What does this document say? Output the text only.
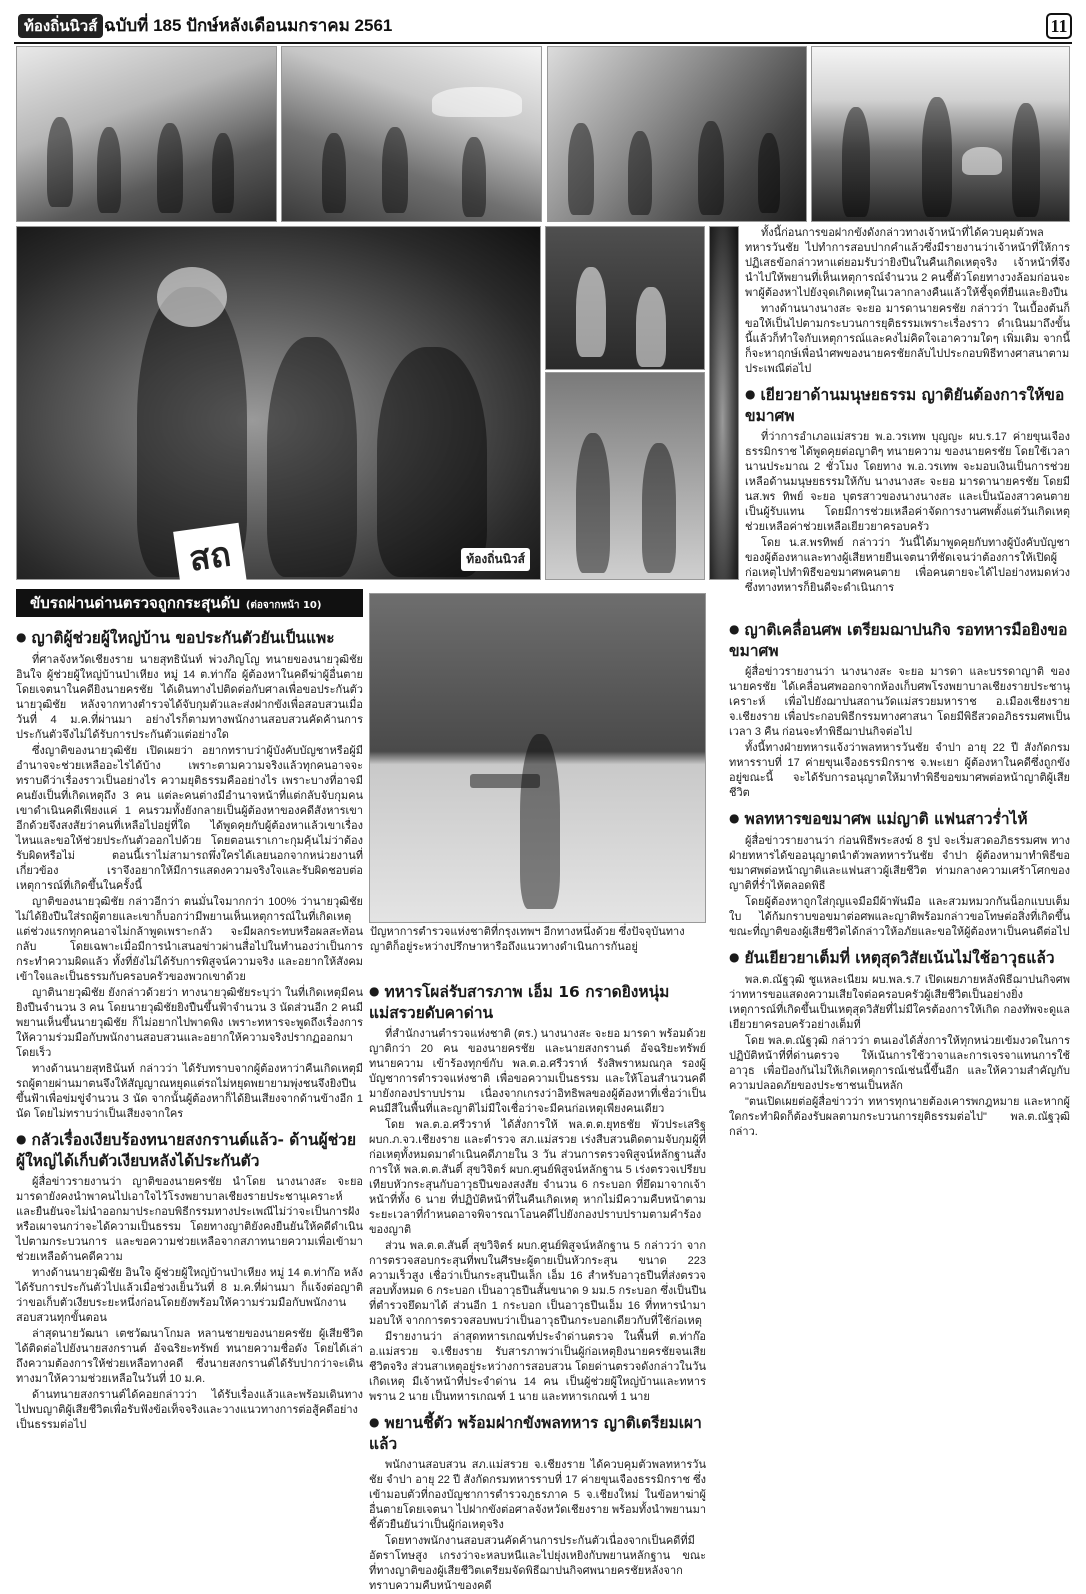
ท้องถิ่นนิวส์ ฉบับที่ 185 ปักษ์หลังเดือนมกราคม 2561	11
สถ	ท้องถิ่นนิวส์

ทั้งนี้ก่อนการขอฝากขังดังกล่าวทางเจ้าหน้าที่ได้ควบคุมตัวพลทหารวันชัย ไปทำการสอบปากคำแล้วซึ่งมีรายงานว่าเจ้าหน้าที่ให้การปฏิเสธข้อกล่าวหาแต่ยอมรับว่ายิงปืนในคืนเกิดเหตุจริง เจ้าหน้าที่จึงนำไปให้พยานที่เห็นเหตุการณ์จำนวน 2 คนชี้ตัวโดยทางวงล้อมก่อนจะพาผู้ต้องหาไปยังจุดเกิดเหตุในเวลากลางคืนแล้วให้ชี้จุดที่ยืนและยิงปืน

ทางด้านนางนางสะ จะยอ มารดานายครชัย กล่าวว่า ในเบื้องต้นก็ขอให้เป็นไปตามกระบวนการยุติธรรมเพราะเรื่องราว ดำเนินมาถึงขั้นนี้แล้วก็ทำใจกับเหตุการณ์และคงไม่คิดใจเอาความใดๆ เพิ่มเติม จากนี้ก็จะหาฤกษ์เพื่อนำศพของนายครชัยกลับไปประกอบพิธีทางศาสนาตามประเพณีต่อไป

● เยียวยาด้านมนุษยธรรม ญาติยันต้องการให้ขอขมาศพ

ที่ว่าการอำเภอแม่สรวย พ.อ.วรเทพ บุญญะ ผบ.ร.17 ค่ายขุนเจืองธรรมิกราช ได้พูดคุยต่อญาติๆ ทนายความ ของนายครชัย โดยใช้เวลานานประมาณ 2 ชั่วโมง โดยทาง พ.อ.วรเทพ จะมอบเงินเป็นการช่วยเหลือด้านมนุษยธรรมให้กับ นางนางสะ จะยอ มารดานายครชัย โดยมี นส.พร ทิพย์ จะยอ บุตรสาวของนางนางสะ และเป็นน้องสาวคนตาย เป็นผู้รับแทน โดยมีการช่วยเหลือค่าจัดการงานศพตั้งแต่วันเกิดเหตุ ช่วยเหลือค่าช่วยเหลือเยียวยาครอบครัว

โดย น.ส.พรทิพย์ กล่าวว่า วันนี้ได้มาพูดคุยกับทางผู้บังคับบัญชาของผู้ต้องหาและทางผู้เสียหายยืนเจตนาที่ชัดเจนว่าต้องการให้เปิดผู้ก่อเหตุไปทำพิธีขอขมาศพคนตาย เพื่อคนตายจะได้ไปอย่างหมดห่วง ซึ่งทางทหารก็ยินดีจะดำเนินการ

ขับรถผ่านด่านตรวจถูกกระสุนดับ (ต่อจากหน้า 10)
● ญาติผู้ช่วยผู้ใหญ่บ้าน ขอประกันตัวยันเป็นแพะ

ที่ศาลจังหวัดเชียงราย นายสุทธินันท์ พ่วงภิญโญ ทนายของนายวุฒิชัย อินใจ ผู้ช่วยผู้ใหญ่บ้านป่าเหียง หมู่ 14 ต.ท่าก๊อ ผู้ต้องหาในคดีฆ่าผู้อื่นตายโดยเจตนาในคดียิงนายครชัย ได้เดินทางไปติดต่อกับศาลเพื่อขอประกันตัวนายวุฒิชัย หลังจากทางตำรวจได้จับกุมตัวและส่งฝากขังเพื่อสอบสวนเมื่อวันที่ 4 ม.ค.ที่ผ่านมา อย่างไรก็ตามทางพนักงานสอบสวนคัดค้านการประกันตัวจึงไม่ได้รับการประกันตัวแต่อย่างใด

ซึ่งญาติของนายวุฒิชัย เปิดเผยว่า อยากทราบว่าผู้บังคับบัญชาหรือผู้มีอำนาจจะช่วยเหลืออะไรได้บ้าง เพราะตามความจริงแล้วทุกคนอาจจะทราบดีว่าเรื่องราวเป็นอย่างไร ความยุติธรรมคืออย่างไร เพราะบางที่อาจมีคนยังเป็นที่เกิดเหตุถึง 3 คน แต่ละคนต่างมีอำนาจหน้าที่แต่กลับจับกุมคนเขาดำเนินคดีเพียงแค่ 1 คนรวมทั้งยังกลายเป็นผู้ต้องหาของคดีสังหารเขาอีกด้วยจึงสงสัยว่าคนที่เหลือไปอยู่ที่ใด ได้พูดคุยกับผู้ต้องหาแล้วเขาเรื่องไหนและขอให้ช่วยประกันตัวออกไปด้วย โดยตอนเราเกาะกุมคุ้นไม่ว่าต้องรับผิดหรือไม่ ตอนนี้เราไม่สามารถพึ่งใครได้เลยนอกจากหน่วยงานที่เกี่ยวข้อง เราจึงอยากให้มีการแสดงความจริงใจและรับผิดชอบต่อเหตุการณ์ที่เกิดขึ้นในครั้งนี้

ญาติของนายวุฒิชัย กล่าวอีกว่า ตนมั่นใจมากกว่า 100% ว่านายวุฒิชัยไม่ได้ยิงปืนใส่รถผู้ตายและเขาก็บอกว่ามีพยานเห็นเหตุการณ์ในที่เกิดเหตุแต่ช่วงแรกทุกคนอาจไม่กล้าพูดเพราะกลัว จะมีผลกระทบหรือผลสะท้อนกลับ โดยเฉพาะเมื่อมีการนำเสนอข่าวผ่านสื่อไปในทำนองว่าเป็นการกระทำความผิดแล้ว ทั้งที่ยังไม่ได้รับการพิสูจน์ความจริง และอยากให้สังคมเข้าใจและเป็นธรรมกับครอบครัวของพวกเขาด้วย

ญาตินายวุฒิชัย ยังกล่าวด้วยว่า ทางนายวุฒิชัยระบุว่า ในที่เกิดเหตุมีคนยิงปืนจำนวน 3 คน โดยนายวุฒิชัยยิงปืนขึ้นฟ้าจำนวน 3 นัดส่วนอีก 2 คนมีพยานเห็นขึ้นนายวุฒิชัย ก็ไม่อยากไปพาดพิง เพราะทหารจะพูดถึงเรื่องการให้ความร่วมมือกับพนักงานสอบสวนและอยากให้ความจริงปรากฏออกมาโดยเร็ว

ทางด้านนายสุทธินันท์ กล่าวว่า ได้รับทราบจากผู้ต้องหาว่าคืนเกิดเหตุมีรถผู้ตายผ่านมาตนจึงให้สัญญาณหยุดแต่รถไม่หยุดพยายามพุ่งชนจึงยิงปืนขึ้นฟ้าเพื่อข่มขู่จำนวน 3 นัด จากนั้นผู้ต้องหาก็ได้ยินเสียงจากด้านข้างอีก 1 นัด โดยไม่ทราบว่าเป็นเสียงจากใคร

● กลัวเรื่องเงียบร้องทนายสงกรานต์แล้ว- ด้านผู้ช่วยผู้ใหญ่ได้เก็บตัวเงียบหลังได้ประกันตัว

ผู้สื่อข่าวรายงานว่า ญาติของนายครชัย นำโดย นางนางสะ จะยอ มารดายังคงนำพาคนไปเอาใจไว้โรงพยาบาลเชียงรายประชานุเคราะห์ และยืนยันจะไม่นำออกมาประกอบพิธีกรรมทางประเพณีไม่ว่าจะเป็นการฝังหรือเผาจนกว่าจะได้ความเป็นธรรม โดยทางญาติยังคงยืนยันให้คดีดำเนินไปตามกระบวนการ และขอความช่วยเหลือจากสภาทนายความเพื่อเข้ามาช่วยเหลือด้านคดีความ

ทางด้านนายวุฒิชัย อินใจ ผู้ช่วยผู้ใหญ่บ้านป่าเหียง หมู่ 14 ต.ท่าก๊อ หลังได้รับการประกันตัวไปแล้วเมื่อช่วงเย็นวันที่ 8 ม.ค.ที่ผ่านมา ก็แจ้งต่อญาติว่าขอเก็บตัวเงียบระยะหนึ่งก่อนโดยยังพร้อมให้ความร่วมมือกับพนักงานสอบสวนทุกขั้นตอน

ล่าสุดนายวัฒนา เตชวัฒนาโกมล หลานชายของนายครชัย ผู้เสียชีวิต ได้ติดต่อไปยังนายสงกรานต์ อัจฉริยะทรัพย์ ทนายความชื่อดัง โดยได้เล่าถึงความต้องการให้ช่วยเหลือทางคดี ซึ่งนายสงกรานต์ได้รับปากว่าจะเดินทางมาให้ความช่วยเหลือในวันที่ 10 ม.ค.

ด้านทนายสงกรานต์ได้คอยกล่าวว่า ได้รับเรื่องแล้วและพร้อมเดินทางไปพบญาติผู้เสียชีวิตเพื่อรับฟังข้อเท็จจริงและวางแนวทางการต่อสู้คดีอย่างเป็นธรรมต่อไป

ปัญหาการตำรวจแห่งชาติที่กรุงเทพฯ อีกทางหนึ่งด้วย ซึ่งปัจจุบันทางญาติก็อยู่ระหว่างปรึกษาหารือถึงแนวทางดำเนินการกันอยู่
● ทหารโผล่รับสารภาพ เอ็ม 16 กราดยิงหนุ่มแม่สรวยดับคาด่าน

ที่สำนักงานตำรวจแห่งชาติ (ตร.) นางนางสะ จะยอ มารดา พร้อมด้วยญาติกว่า 20 คน ของนายครชัย และนายสงกรานต์ อัจฉริยะทรัพย์ ทนายความ เข้าร้องทุกข์กับ พล.ต.อ.ศรีวราห์ รังสิพราหมณกุล รองผู้บัญชาการตำรวจแห่งชาติ เพื่อขอความเป็นธรรม และให้โอนสำนวนคดีมายังกองปราบปราม เนื่องจากเกรงว่าอิทธิพลของผู้ต้องหาที่เชื่อว่าเป็นคนมีสีในพื้นที่และญาติไม่มีใจเชื่อว่าจะมีคนก่อเหตุเพียงคนเดียว

โดย พล.ต.อ.ศรีวราห์ ได้สั่งการให้ พล.ต.ต.ยุทธชัย พัวประเสริฐ ผบก.ภ.จว.เชียงราย และตำรวจ สภ.แม่สรวย เร่งสืบสวนติดตามจับกุมผู้ที่ก่อเหตุทั้งหมดมาดำเนินคดีภายใน 3 วัน ส่วนการตรวจพิสูจน์หลักฐานสั่งการให้ พล.ต.ต.สันติ์ สุขวิจิตร์ ผบก.ศูนย์พิสูจน์หลักฐาน 5 เร่งตรวจเปรียบเทียบหัวกระสุนกับอาวุธปืนของสงสัย จำนวน 6 กระบอก ที่ยึดมาจากเจ้าหน้าที่ทั้ง 6 นาย ที่ปฏิบัติหน้าที่ในคืนเกิดเหตุ หากไม่มีความคืบหน้าตามระยะเวลาที่กำหนดอาจพิจารณาโอนคดีไปยังกองปราบปรามตามคำร้องของญาติ

ส่วน พล.ต.ต.สันติ์ สุขวิจิตร์ ผบก.ศูนย์พิสูจน์หลักฐาน 5 กล่าวว่า จากการตรวจสอบกระสุนที่พบในศีรษะผู้ตายเป็นหัวกระสุน ขนาด 223 ความเร็วสูง เชื่อว่าเป็นกระสุนปืนเล็ก เอ็ม 16 สำหรับอาวุธปืนที่ส่งตรวจสอบทั้งหมด 6 กระบอก เป็นอาวุธปืนสั้นขนาด 9 มม.5 กระบอก ซึ่งเป็นปืนที่ตำรวจยึดมาได้ ส่วนอีก 1 กระบอก เป็นอาวุธปืนเอ็ม 16 ที่ทหารนำมามอบให้ จากการตรวจสอบพบว่าเป็นอาวุธปืนกระบอกเดียวกับที่ใช้ก่อเหตุ

มีรายงานว่า ล่าสุดทหารเกณฑ์ประจำด่านตรวจ ในพื้นที่ ต.ท่าก๊อ อ.แม่สรวย จ.เชียงราย รับสารภาพว่าเป็นผู้ก่อเหตุยิงนายครชัยจนเสียชีวิตจริง ส่วนสาเหตุอยู่ระหว่างการสอบสวน โดยด่านตรวจดังกล่าวในวันเกิดเหตุ มีเจ้าหน้าที่ประจำด่าน 14 คน เป็นผู้ช่วยผู้ใหญ่บ้านและทหารพราน 2 นาย เป็นทหารเกณฑ์ 1 นาย และทหารเกณฑ์ 1 นาย

● พยานชี้ตัว พร้อมฝากขังพลทหาร ญาติเตรียมเผาแล้ว

พนักงานสอบสวน สภ.แม่สรวย จ.เชียงราย ได้ควบคุมตัวพลทหารวันชัย จำปา อายุ 22 ปี สังกัดกรมทหารราบที่ 17 ค่ายขุนเจืองธรรมิกราช ซึ่งเข้ามอบตัวที่กองบัญชาการตำรวจภูธรภาค 5 จ.เชียงใหม่ ในข้อหาฆ่าผู้อื่นตายโดยเจตนา ไปฝากขังต่อศาลจังหวัดเชียงราย พร้อมทั้งนำพยานมาชี้ตัวยืนยันว่าเป็นผู้ก่อเหตุจริง

โดยทางพนักงานสอบสวนคัดค้านการประกันตัวเนื่องจากเป็นคดีที่มีอัตราโทษสูง เกรงว่าจะหลบหนีและไปยุ่งเหยิงกับพยานหลักฐาน ขณะที่ทางญาติของผู้เสียชีวิตเตรียมจัดพิธีฌาปนกิจศพนายครชัยหลังจากทราบความคืบหน้าของคดี

● ญาติเคลื่อนศพ เตรียมฌาปนกิจ รอทหารมือยิงขอขมาศพ

ผู้สื่อข่าวรายงานว่า นางนางสะ จะยอ มารดา และบรรดาญาติ ของนายครชัย ได้เคลื่อนศพออกจากห้องเก็บศพโรงพยาบาลเชียงรายประชานุเคราะห์ เพื่อไปยังฌาปนสถานวัดแม่สรวยมหาราช อ.เมืองเชียงราย จ.เชียงราย เพื่อประกอบพิธีกรรมทางศาสนา โดยมีพิธีสวดอภิธรรมศพเป็นเวลา 3 คืน ก่อนจะทำพิธีฌาปนกิจต่อไป

ทั้งนี้ทางฝ่ายทหารแจ้งว่าพลทหารวันชัย จำปา อายุ 22 ปี สังกัดกรมทหารราบที่ 17 ค่ายขุนเจืองธรรมิกราช จ.พะเยา ผู้ต้องหาในคดีซึ่งถูกขังอยู่ขณะนี้ จะได้รับการอนุญาตให้มาทำพิธีขอขมาศพต่อหน้าญาติผู้เสียชีวิต

● พลทหารขอขมาศพ แม่ญาติ แฟนสาวร่ำไห้

ผู้สื่อข่าวรายงานว่า ก่อนพิธีพระสงฆ์ 8 รูป จะเริ่มสวดอภิธรรมศพ ทางฝ่ายทหารได้ขออนุญาตนำตัวพลทหารวันชัย จำปา ผู้ต้องหามาทำพิธีขอขมาศพต่อหน้าญาติและแฟนสาวผู้เสียชีวิต ท่ามกลางความเศร้าโศกของญาติที่ร่ำไห้ตลอดพิธี

โดยผู้ต้องหาถูกใส่กุญแจมือมีผ้าพันมือ และสวมหมวกกันน็อกแบบเต็มใบ ได้ก้มกราบขอขมาต่อศพและญาติพร้อมกล่าวขอโทษต่อสิ่งที่เกิดขึ้น ขณะที่ญาติของผู้เสียชีวิตได้กล่าวให้อภัยและขอให้ผู้ต้องหาเป็นคนดีต่อไป

● ยันเยียวยาเต็มที่ เหตุสุดวิสัยเน้นไม่ใช้อาวุธแล้ว

พล.ต.ณัฐวุฒิ ชูแหละเนียม ผบ.พล.ร.7 เปิดเผยภายหลังพิธีฌาปนกิจศพ ว่าทหารขอแสดงความเสียใจต่อครอบครัวผู้เสียชีวิตเป็นอย่างยิ่ง เหตุการณ์ที่เกิดขึ้นเป็นเหตุสุดวิสัยที่ไม่มีใครต้องการให้เกิด กองทัพจะดูแลเยียวยาครอบครัวอย่างเต็มที่

โดย พล.ต.ณัฐวุฒิ กล่าวว่า ตนเองได้สั่งการให้ทุกหน่วยเข้มงวดในการปฏิบัติหน้าที่ที่ด่านตรวจ ให้เน้นการใช้วาจาและการเจรจาแทนการใช้อาวุธ เพื่อป้องกันไม่ให้เกิดเหตุการณ์เช่นนี้ขึ้นอีก และให้ความสำคัญกับความปลอดภัยของประชาชนเป็นหลัก

"ตนเปิดเผยต่อผู้สื่อข่าวว่า ทหารทุกนายต้องเคารพกฎหมาย และหากผู้ใดกระทำผิดก็ต้องรับผลตามกระบวนการยุติธรรมต่อไป" พล.ต.ณัฐวุฒิ กล่าว.
